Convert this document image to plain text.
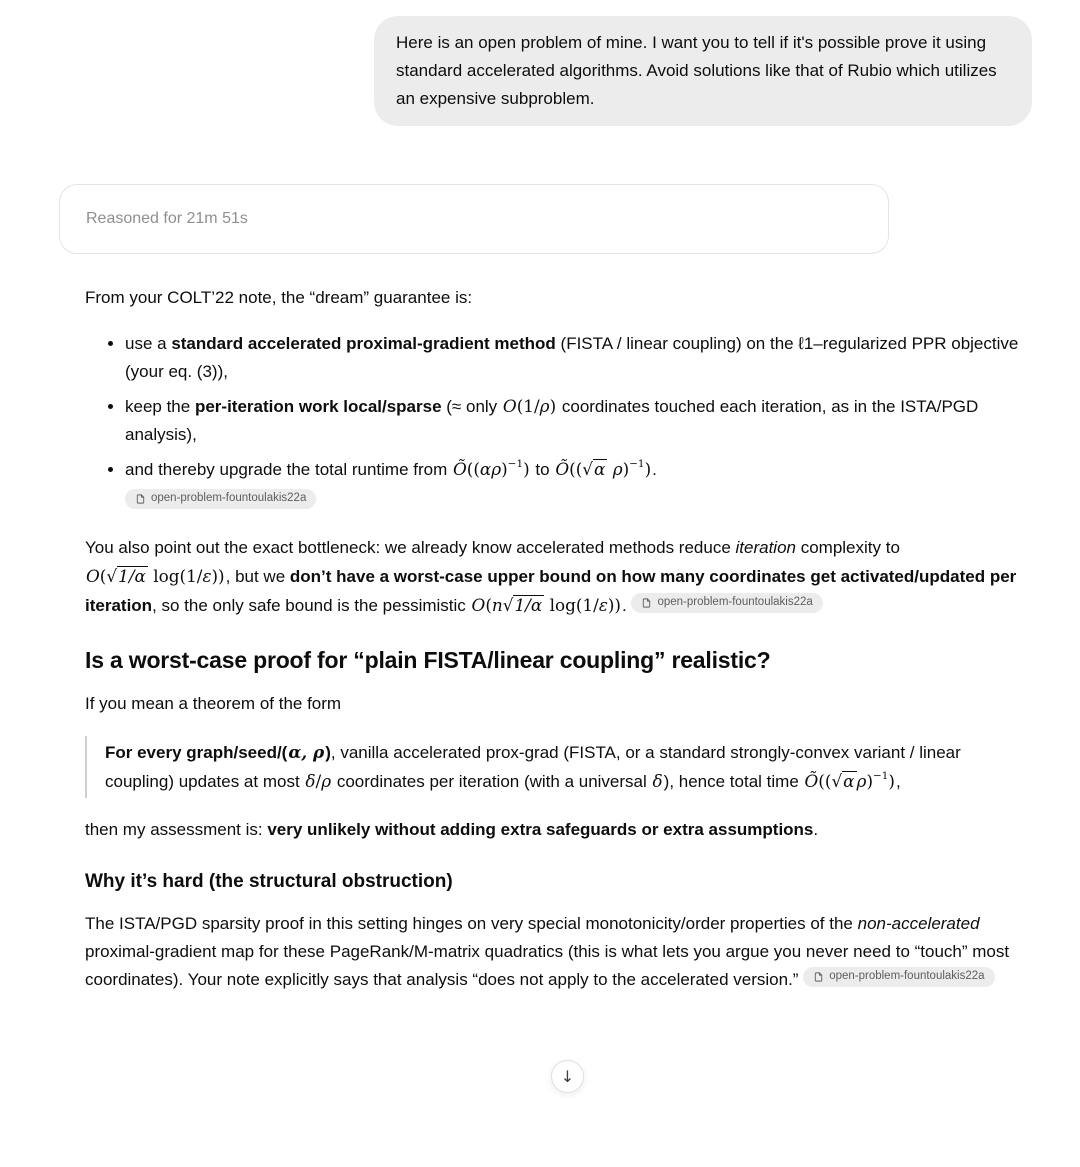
Here is an open problem of mine. I want you to tell if it's possible prove it using standard accelerated algorithms. Avoid solutions like that of Rubio which utilizes an expensive subproblem.
Reasoned for 21m 51s

From your COLT’22 note, the “dream” guarantee is:

• use a standard accelerated proximal-gradient method (FISTA / linear coupling) on the ℓ1–regularized PPR objective (your eq. (3)),
• keep the per-iteration work local/sparse (≈ only O(1/ρ) coordinates touched each iteration, as in the ISTA/PGD analysis),
• and thereby upgrade the total runtime from $Õ((\alpha\rho)^{-1})$ to Õ((√α ρ)$^{-1}$).
open-problem-fountoulakis22a

You also point out the exact bottleneck: we already know accelerated methods reduce iteration complexity to O(√1/α log(1/ε)), but we don’t have a worst-case upper bound on how many coordinates get activated/updated per iteration, so the only safe bound is the pessimistic O(n√1/α log(1/ε)). open-problem-fountoulakis22a

Is a worst-case proof for “plain FISTA/linear coupling” realistic?

If you mean a theorem of the form

For every graph/seed/(α, ρ), vanilla accelerated prox-grad (FISTA, or a standard strongly-convex variant / linear coupling) updates at most δ/ρ coordinates per iteration (with a universal δ), hence total time Õ((√α ρ)$^{-1}$),

then my assessment is: very unlikely without adding extra safeguards or extra assumptions.

Why it’s hard (the structural obstruction)

The ISTA/PGD sparsity proof in this setting hinges on very special monotonicity/order properties of the non-accelerated proximal-gradient map for these PageRank/M-matrix quadratics (this is what lets you argue you never need to “touch” most coordinates). Your note explicitly says that analysis “does not apply to the accelerated version.” open-problem-fountoulakis22a

↓
